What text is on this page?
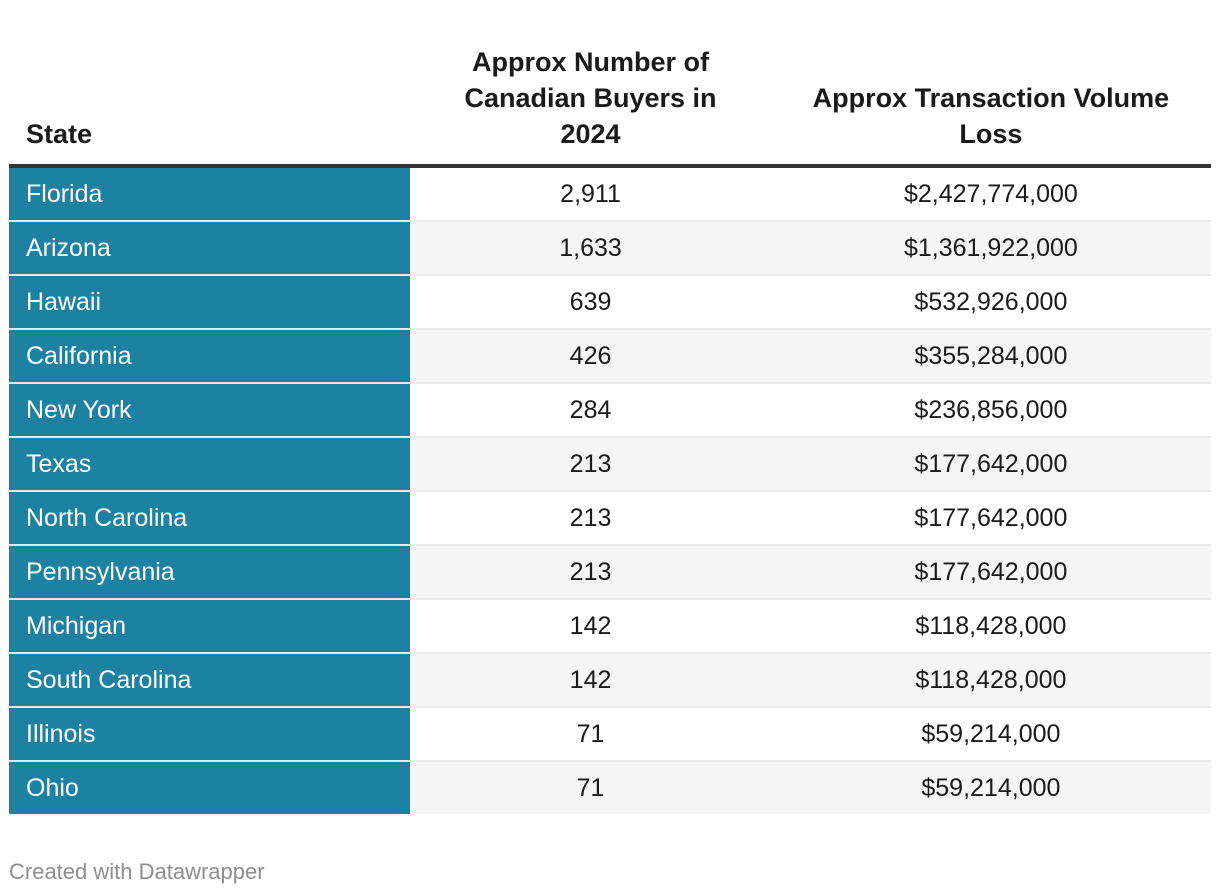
State	Approx Number of Canadian Buyers in 2024	Approx Transaction Volume Loss
Florida	2,911	$2,427,774,000
Arizona	1,633	$1,361,922,000
Hawaii	639	$532,926,000
California	426	$355,284,000
New York	284	$236,856,000
Texas	213	$177,642,000
North Carolina	213	$177,642,000
Pennsylvania	213	$177,642,000
Michigan	142	$118,428,000
South Carolina	142	$118,428,000
Illinois	71	$59,214,000
Ohio	71	$59,214,000
Created with Datawrapper
